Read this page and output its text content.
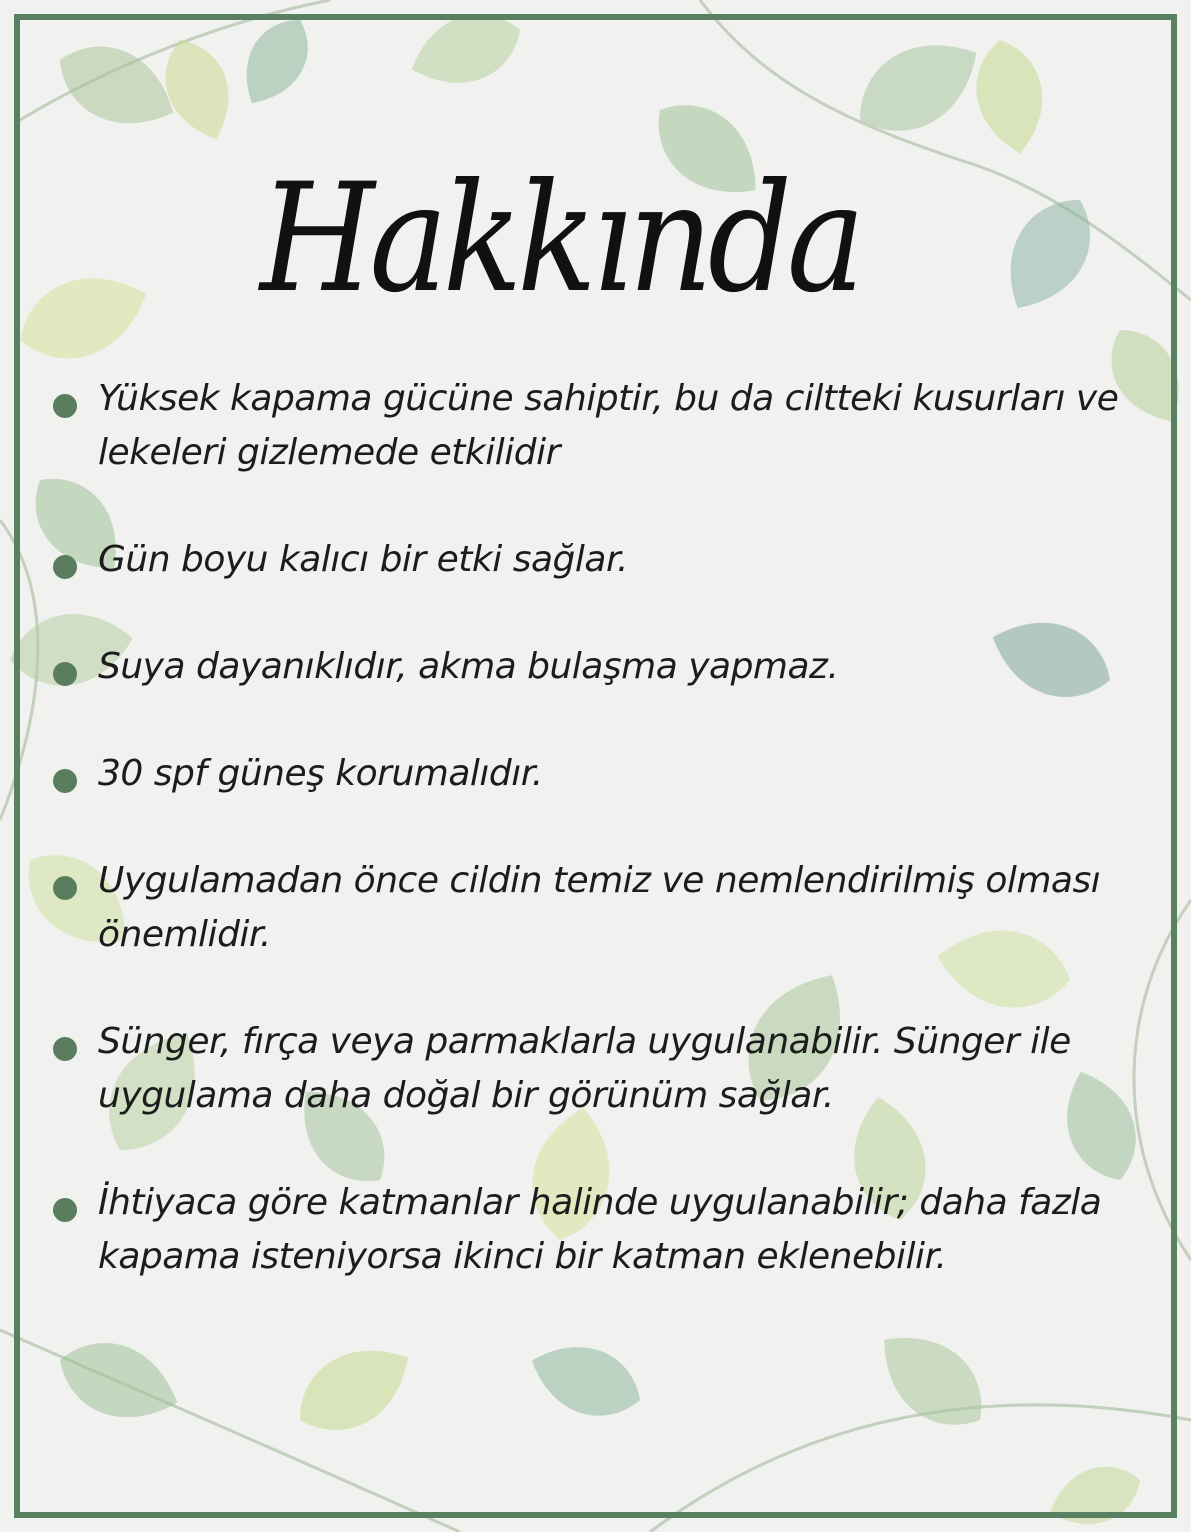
Hakkında
Yüksek kapama gücüne sahiptir, bu da ciltteki kusurları ve lekeleri gizlemede etkilidir
Gün boyu kalıcı bir etki sağlar.
Suya dayanıklıdır, akma bulaşma yapmaz.
30 spf güneş korumalıdır.
Uygulamadan önce cildin temiz ve nemlendirilmiş olması önemlidir.
Sünger, fırça veya parmaklarla uygulanabilir. Sünger ile uygulama daha doğal bir görünüm sağlar.
İhtiyaca göre katmanlar halinde uygulanabilir; daha fazla kapama isteniyorsa ikinci bir katman eklenebilir.
